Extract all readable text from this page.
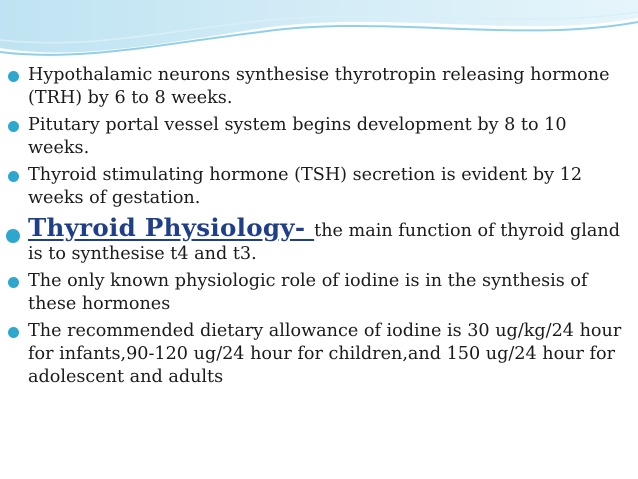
Hypothalamic neurons synthesise thyrotropin releasing hormone (TRH) by 6 to 8 weeks.
Pitutary portal vessel system begins development by 8 to 10 weeks.
Thyroid stimulating hormone (TSH) secretion is evident by 12 weeks of gestation.
Thyroid Physiology- the main function of thyroid gland is to synthesise t4 and t3.
The only known physiologic role of iodine is in the synthesis of these hormones
The recommended dietary allowance of iodine is 30 ug/kg/24 hour for infants,90-120 ug/24 hour for children,and 150 ug/24 hour for adolescent and adults
